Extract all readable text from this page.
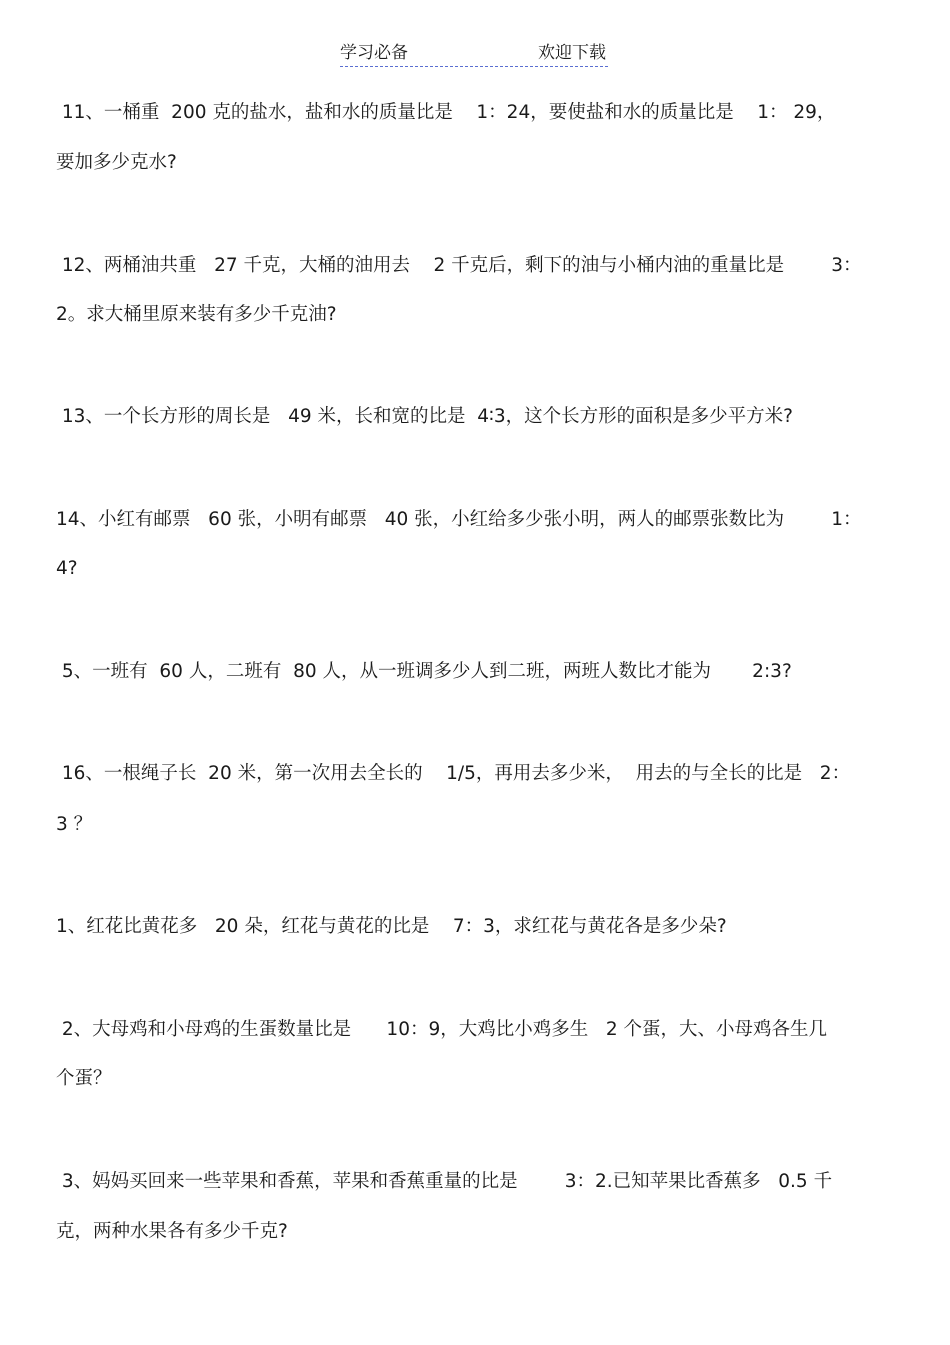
学习必备	欢迎下载
11、一桶重  200 克的盐水，盐和水的质量比是    1：24，要使盐和水的质量比是    1： 29，
要加多少克水?
12、两桶油共重   27 千克，大桶的油用去    2 千克后，剩下的油与小桶内油的重量比是        3：
2。求大桶里原来装有多少千克油?
13、一个长方形的周长是   49 米，长和宽的比是  4∶3，这个长方形的面积是多少平方米?
14、小红有邮票   60 张，小明有邮票   40 张，小红给多少张小明，两人的邮票张数比为        1：
4?
5、一班有  60 人，二班有  80 人，从一班调多少人到二班，两班人数比才能为       2:3?
16、一根绳子长  20 米，第一次用去全长的    1/5，再用去多少米，  用去的与全长的比是   2：
3 ？
1、红花比黄花多   20 朵，红花与黄花的比是    7：3，求红花与黄花各是多少朵?
2、大母鸡和小母鸡的生蛋数量比是      10：9，大鸡比小鸡多生   2 个蛋，大、小母鸡各生几
个蛋？
3、妈妈买回来一些苹果和香蕉，苹果和香蕉重量的比是        3：2.已知苹果比香蕉多   0.5 千
克，两种水果各有多少千克?
